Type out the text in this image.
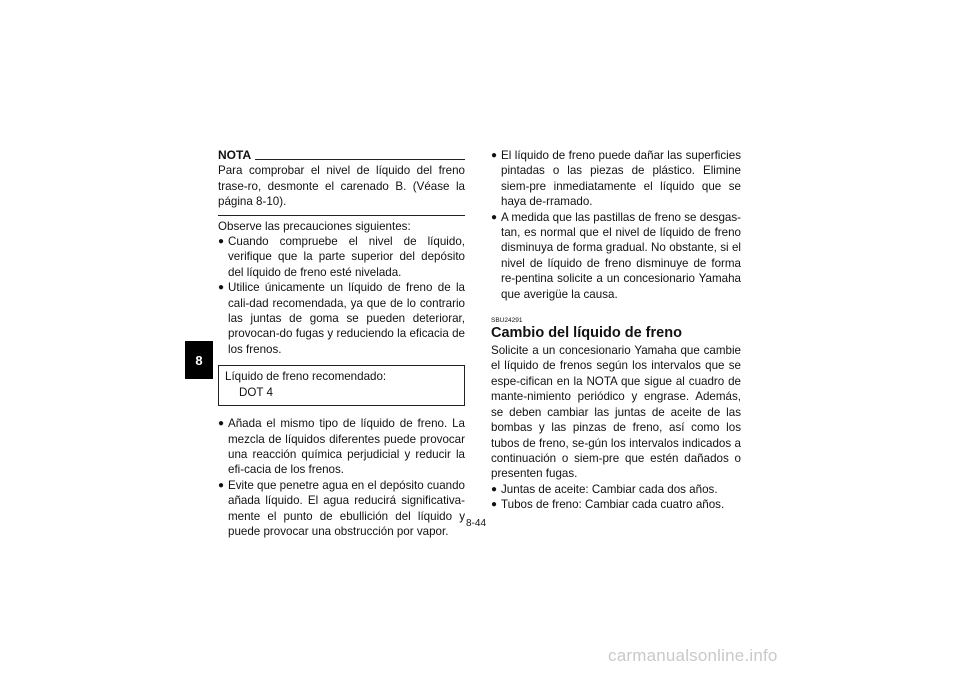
8
NOTA

Para comprobar el nivel de líquido del freno trase-ro, desmonte el carenado B. (Véase la página 8-10).

Observe las precauciones siguientes:

● Cuando compruebe el nivel de líquido, verifique que la parte superior del depósito del líquido de freno esté nivelada.
● Utilice únicamente un líquido de freno de la cali-dad recomendada, ya que de lo contrario las juntas de goma se pueden deteriorar, provocan-do fugas y reduciendo la eficacia de los frenos.
Líquido de freno recomendado:
DOT 4
● Añada el mismo tipo de líquido de freno. La mezcla de líquidos diferentes puede provocar una reacción química perjudicial y reducir la efi-cacia de los frenos.
● Evite que penetre agua en el depósito cuando añada líquido. El agua reducirá significativa-mente el punto de ebullición del líquido y puede provocar una obstrucción por vapor.
● El líquido de freno puede dañar las superficies pintadas o las piezas de plástico. Elimine siem-pre inmediatamente el líquido que se haya de-rramado.
● A medida que las pastillas de freno se desgas-tan, es normal que el nivel de líquido de freno disminuya de forma gradual. No obstante, si el nivel de líquido de freno disminuye de forma re-pentina solicite a un concesionario Yamaha que averigüe la causa.
SBU24291
Cambio del líquido de freno

Solicite a un concesionario Yamaha que cambie el líquido de frenos según los intervalos que se espe-cifican en la NOTA que sigue al cuadro de mante-nimiento periódico y engrase. Además, se deben cambiar las juntas de aceite de las bombas y las pinzas de freno, así como los tubos de freno, se-gún los intervalos indicados a continuación o siem-pre que estén dañados o presenten fugas.

● Juntas de aceite: Cambiar cada dos años.
● Tubos de freno: Cambiar cada cuatro años.
8-44
carmanualsonline.info
